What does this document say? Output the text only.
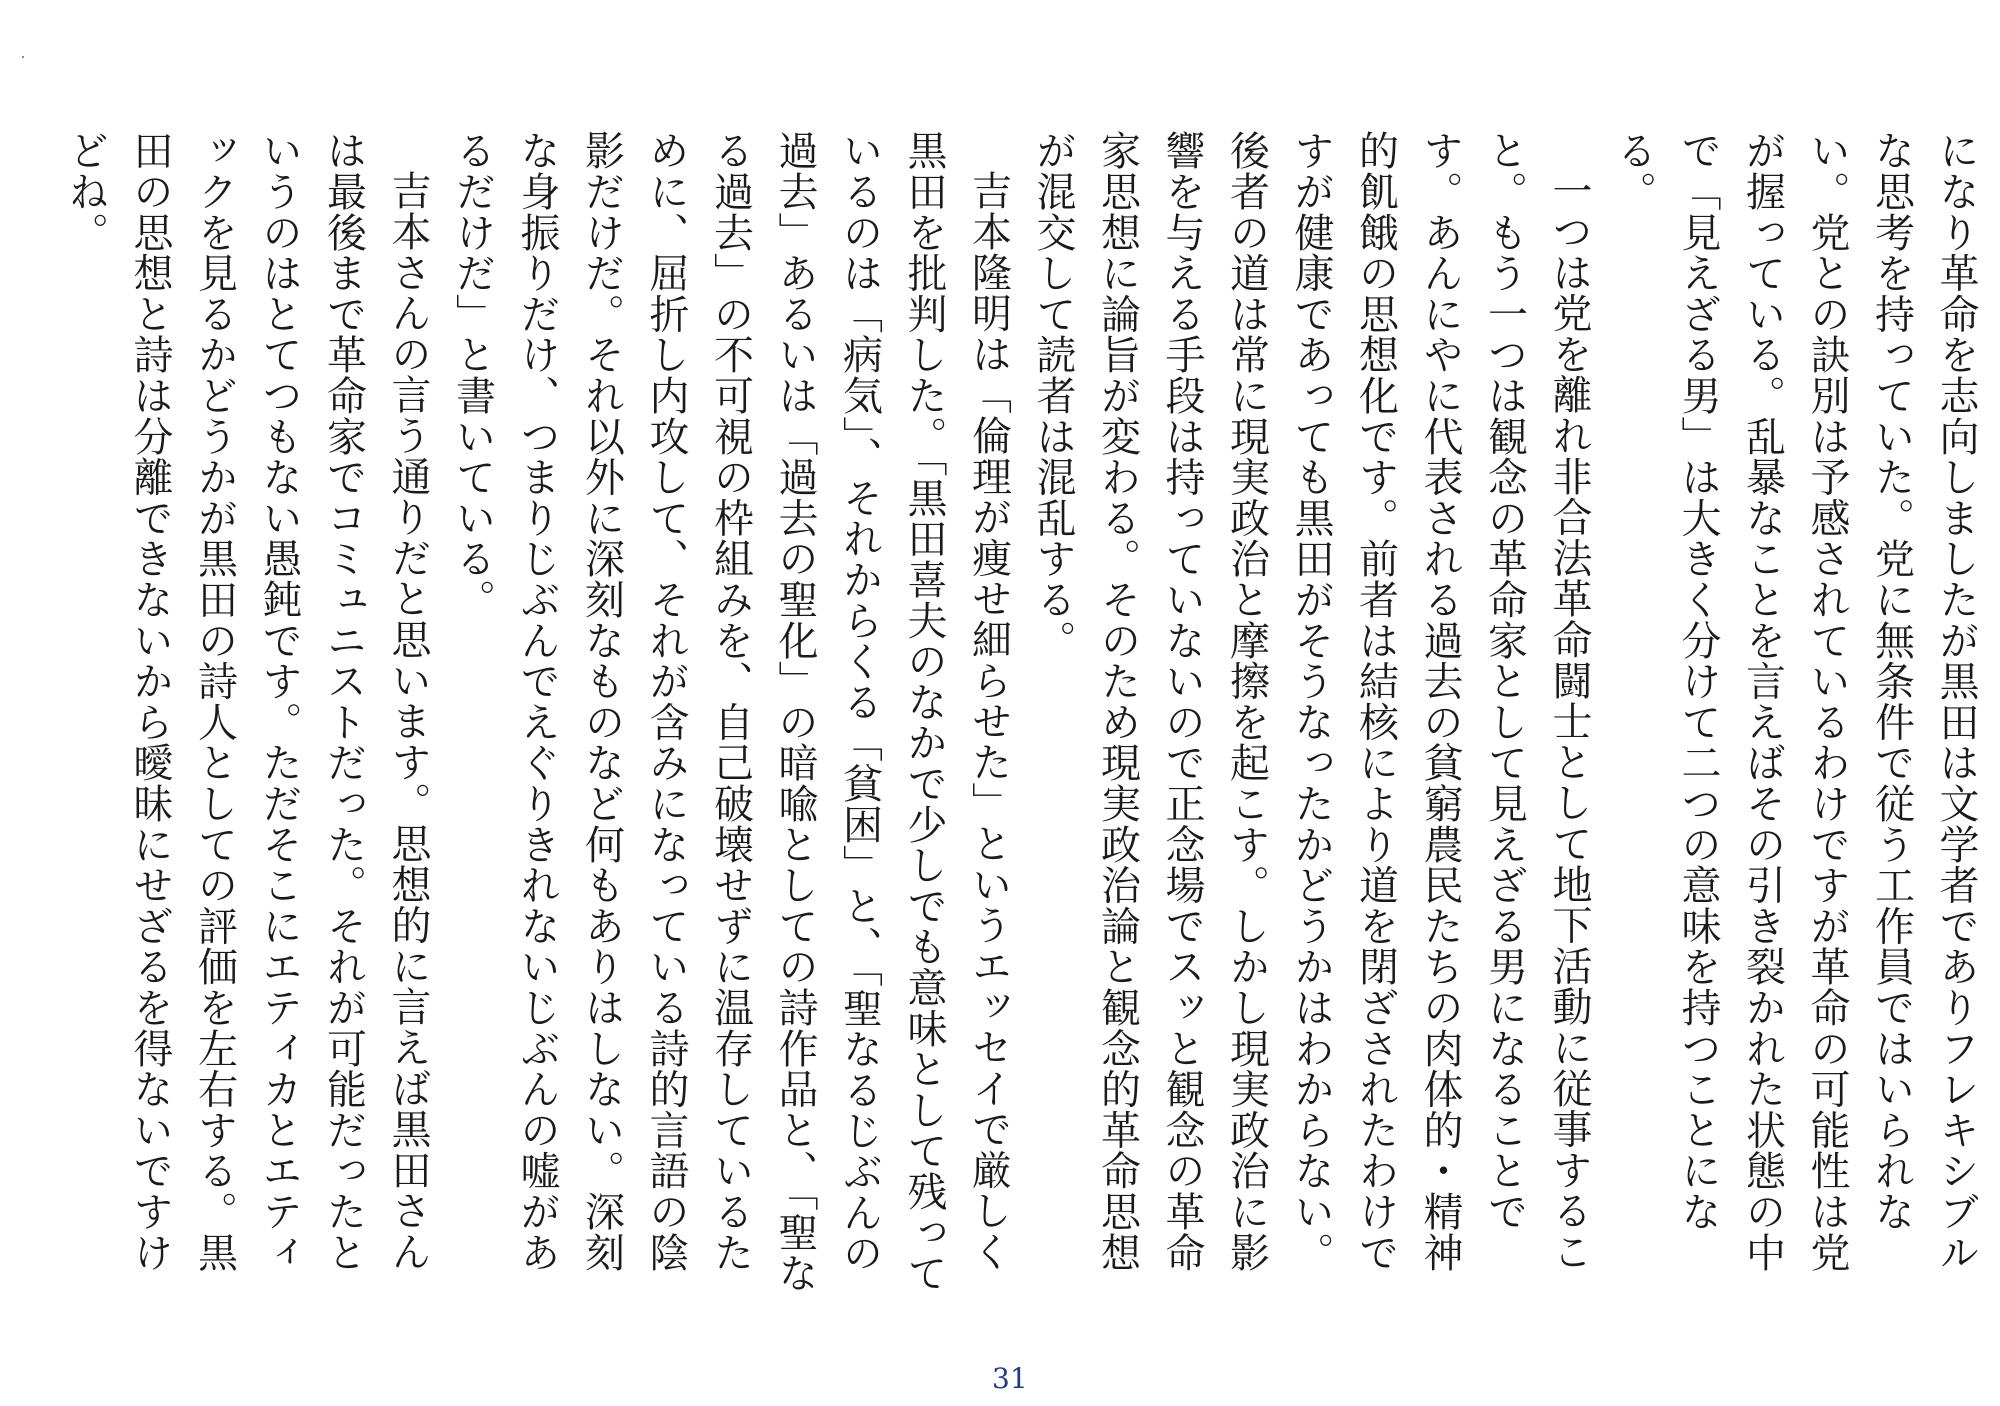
になり革命を志向しましたが黒田は文学者でありフレキシブルな思考を持っていた。党に無条件で従う工作員ではいられない。党との訣別は予感されているわけですが革命の可能性は党が握っている。乱暴なことを言えばその引き裂かれた状態の中で「見えざる男」は大きく分けて二つの意味を持つことになる。

一つは党を離れ非合法革命闘士として地下活動に従事すること。もう一つは観念の革命家として見えざる男になることです。あんにやに代表される過去の貧窮農民たちの肉体的・精神的飢餓の思想化です。前者は結核により道を閉ざされたわけですが健康であっても黒田がそうなったかどうかはわからない。後者の道は常に現実政治と摩擦を起こす。しかし現実政治に影響を与える手段は持っていないので正念場でスッと観念の革命家思想に論旨が変わる。そのため現実政治論と観念的革命思想が混交して読者は混乱する。

吉本隆明は「倫理が痩せ細らせた」というエッセイで厳しく黒田を批判した。「黒田喜夫のなかで少しでも意味として残っているのは「病気」、それからくる「貧困」と、「聖なるじぶんの過去」あるいは「過去の聖化」の暗喩としての詩作品と、「聖なる過去」の不可視の枠組みを、自己破壊せずに温存しているために、屈折し内攻して、それが含みになっている詩的言語の陰影だけだ。それ以外に深刻なものなど何もありはしない。深刻な身振りだけ、つまりじぶんでえぐりきれないじぶんの嘘があるだけだ」と書いている。

吉本さんの言う通りだと思います。思想的に言えば黒田さんは最後まで革命家でコミュニストだった。それが可能だったというのはとてつもない愚鈍です。ただそこにエティカとエティックを見るかどうかが黒田の詩人としての評価を左右する。黒田の思想と詩は分離できないから曖昧にせざるを得ないですけどね。

31
